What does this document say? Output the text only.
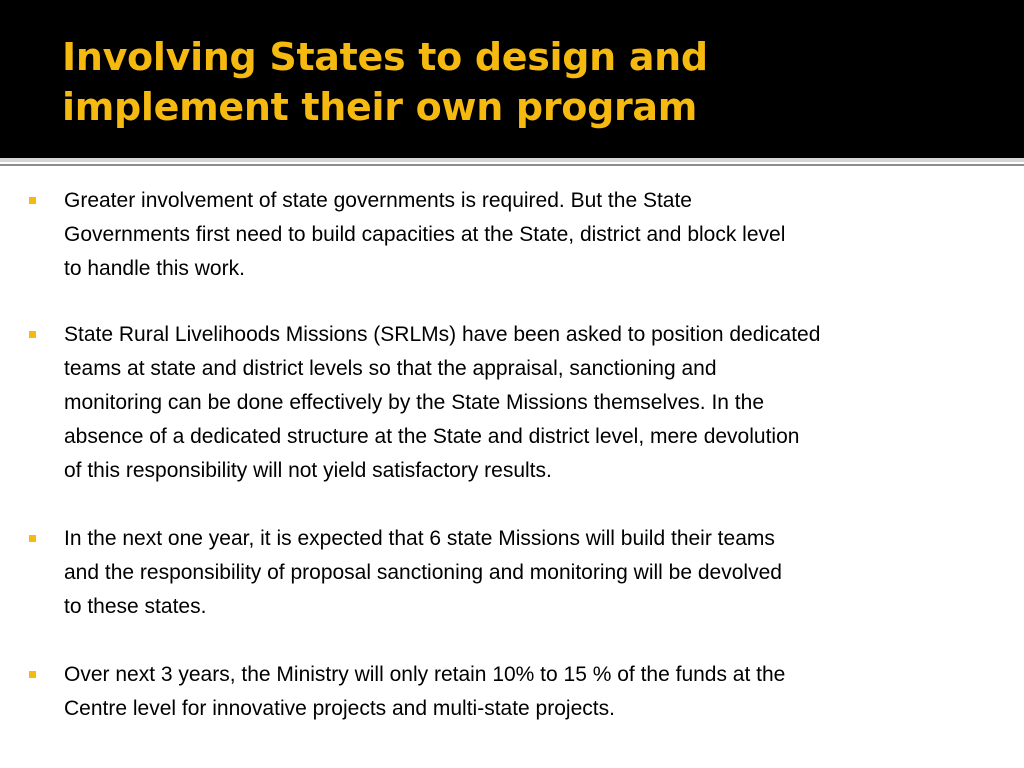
Involving States to design and
implement their own program
Greater involvement of state governments is required. But the State
Governments first need to build capacities at the State, district and block level
to handle this work.
State Rural Livelihoods Missions (SRLMs) have been asked to position dedicated
teams at state and district levels so that the appraisal, sanctioning and
monitoring can be done effectively by the State Missions themselves. In the
absence of a dedicated structure at the State and district level, mere devolution
of this responsibility will not yield satisfactory results.
In the next one year, it is expected that 6 state Missions will build their teams
and the responsibility of proposal sanctioning and monitoring will be devolved
to these states.
Over next 3 years, the Ministry will only retain 10% to 15 % of the funds at the
Centre level for innovative projects and multi-state projects.
